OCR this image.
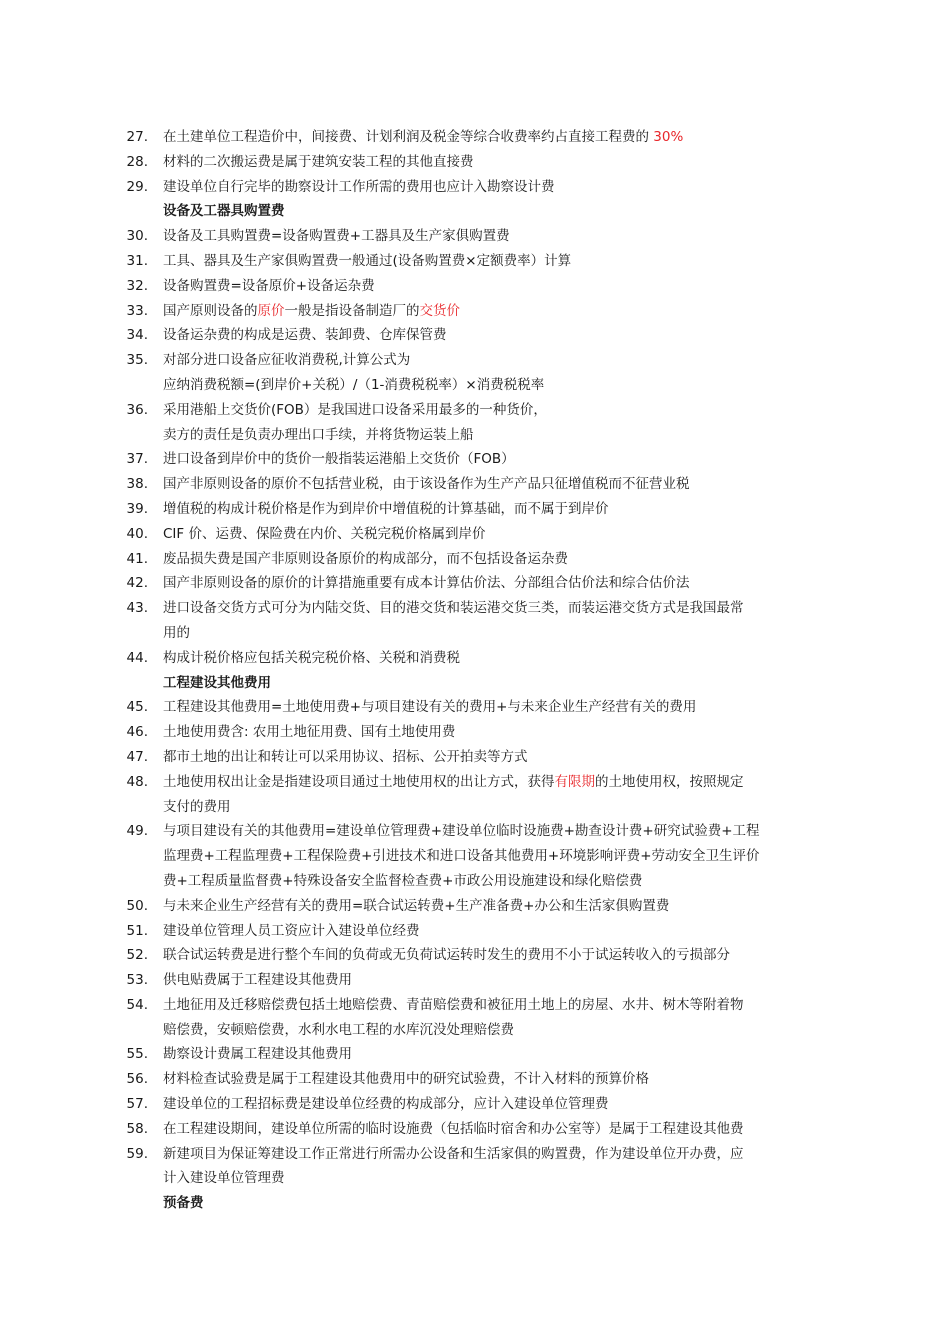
27.	在土建单位工程造价中，间接费、计划利润及税金等综合收费率约占直接工程费的 30%
28.	材料的二次搬运费是属于建筑安装工程的其他直接费
29.	建设单位自行完毕的勘察设计工作所需的费用也应计入勘察设计费
设备及工器具购置费
30.	设备及工具购置费=设备购置费+工器具及生产家俱购置费
31.	工具、器具及生产家俱购置费一般通过(设备购置费×定额费率）计算
32.	设备购置费=设备原价+设备运杂费
33.	国产原则设备的原价一般是指设备制造厂的交货价
34.	设备运杂费的构成是运费、装卸费、仓库保管费
35.	对部分进口设备应征收消费税,计算公式为
应纳消费税额=(到岸价+关税）/（1-消费税税率）×消费税税率
36.	采用港船上交货价(FOB）是我国进口设备采用最多的一种货价，
卖方的责任是负责办理出口手续，并将货物运装上船
37.	进口设备到岸价中的货价一般指装运港船上交货价（FOB）
38.	国产非原则设备的原价不包括营业税，由于该设备作为生产产品只征增值税而不征营业税
39.	增值税的构成计税价格是作为到岸价中增值税的计算基础，而不属于到岸价
40.	CIF 价、运费、保险费在内价、关税完税价格属到岸价
41.	废品损失费是国产非原则设备原价的构成部分，而不包括设备运杂费
42.	国产非原则设备的原价的计算措施重要有成本计算估价法、分部组合估价法和综合估价法
43.	进口设备交货方式可分为内陆交货、目的港交货和装运港交货三类，而装运港交货方式是我国最常
用的
44.	构成计税价格应包括关税完税价格、关税和消费税
工程建设其他费用
45.	工程建设其他费用=土地使用费+与项目建设有关的费用+与未来企业生产经营有关的费用
46.	土地使用费含: 农用土地征用费、国有土地使用费
47.	都市土地的出让和转让可以采用协议、招标、公开拍卖等方式
48.	土地使用权出让金是指建设项目通过土地使用权的出让方式，获得有限期的土地使用权，按照规定
支付的费用
49.	与项目建设有关的其他费用=建设单位管理费+建设单位临时设施费+勘查设计费+研究试验费+工程
监理费+工程监理费+工程保险费+引进技术和进口设备其他费用+环境影响评费+劳动安全卫生评价
费+工程质量监督费+特殊设备安全监督检查费+市政公用设施建设和绿化赔偿费
50.	与未来企业生产经营有关的费用=联合试运转费+生产准备费+办公和生活家俱购置费
51.	建设单位管理人员工资应计入建设单位经费
52.	联合试运转费是进行整个车间的负荷或无负荷试运转时发生的费用不小于试运转收入的亏损部分
53.	供电贴费属于工程建设其他费用
54.	土地征用及迁移赔偿费包括土地赔偿费、青苗赔偿费和被征用土地上的房屋、水井、树木等附着物
赔偿费，安顿赔偿费，水利水电工程的水库沉没处理赔偿费
55.	勘察设计费属工程建设其他费用
56.	材料检查试验费是属于工程建设其他费用中的研究试验费，不计入材料的预算价格
57.	建设单位的工程招标费是建设单位经费的构成部分，应计入建设单位管理费
58.	在工程建设期间，建设单位所需的临时设施费（包括临时宿舍和办公室等）是属于工程建设其他费
59.	新建项目为保证筹建设工作正常进行所需办公设备和生活家俱的购置费，作为建设单位开办费，应
计入建设单位管理费
预备费
